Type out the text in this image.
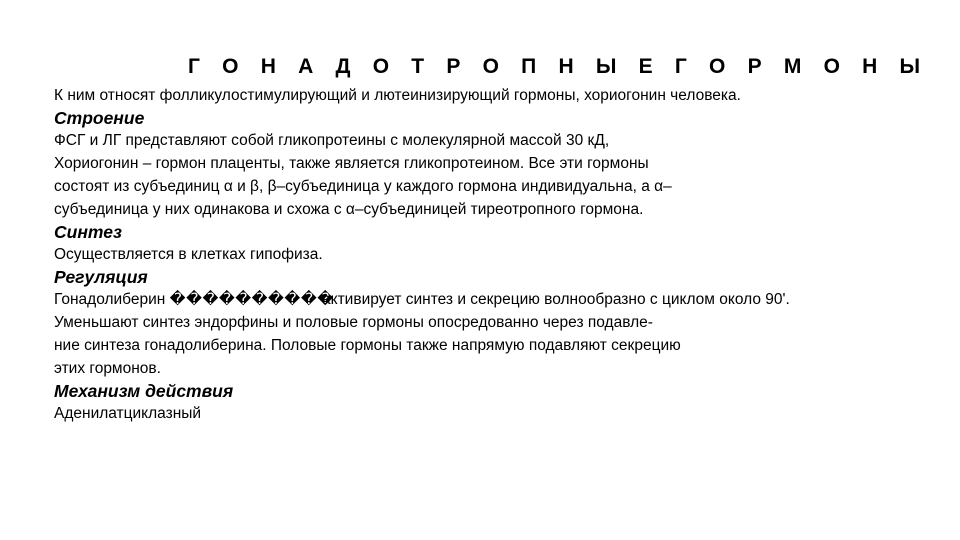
Г О Н А Д О Т Р О П Н Ы Е Г О Р М О Н Ы
К ним относят фолликулостимулирующий и лютеинизирующий гормоны, хориогонин человека.
Строение
ФСГ и ЛГ представляют собой гликопротеины с молекулярной массой 30 кД,
Хориогонин – гормон плаценты, также является гликопротеином. Все эти гормоны
состоят из субъединиц α и β, β–субъединица у каждого гормона индивидуальна, а α–
субъединица у них одинакова и схожа с α–субъединицей тиреотропного гормона.
Синтез
Осуществляется в клетках гипофиза.
Регуляция
Гонадолиберин ����������
активирует синтез и секрецию волнообразно с циклом около 90'.
Уменьшают синтез эндорфины и половые гормоны опосредованно через подавле-
ние синтеза гонадолиберина. Половые гормоны также напрямую подавляют секрецию
этих гормонов.
Механизм действия
Аденилатциклазный
